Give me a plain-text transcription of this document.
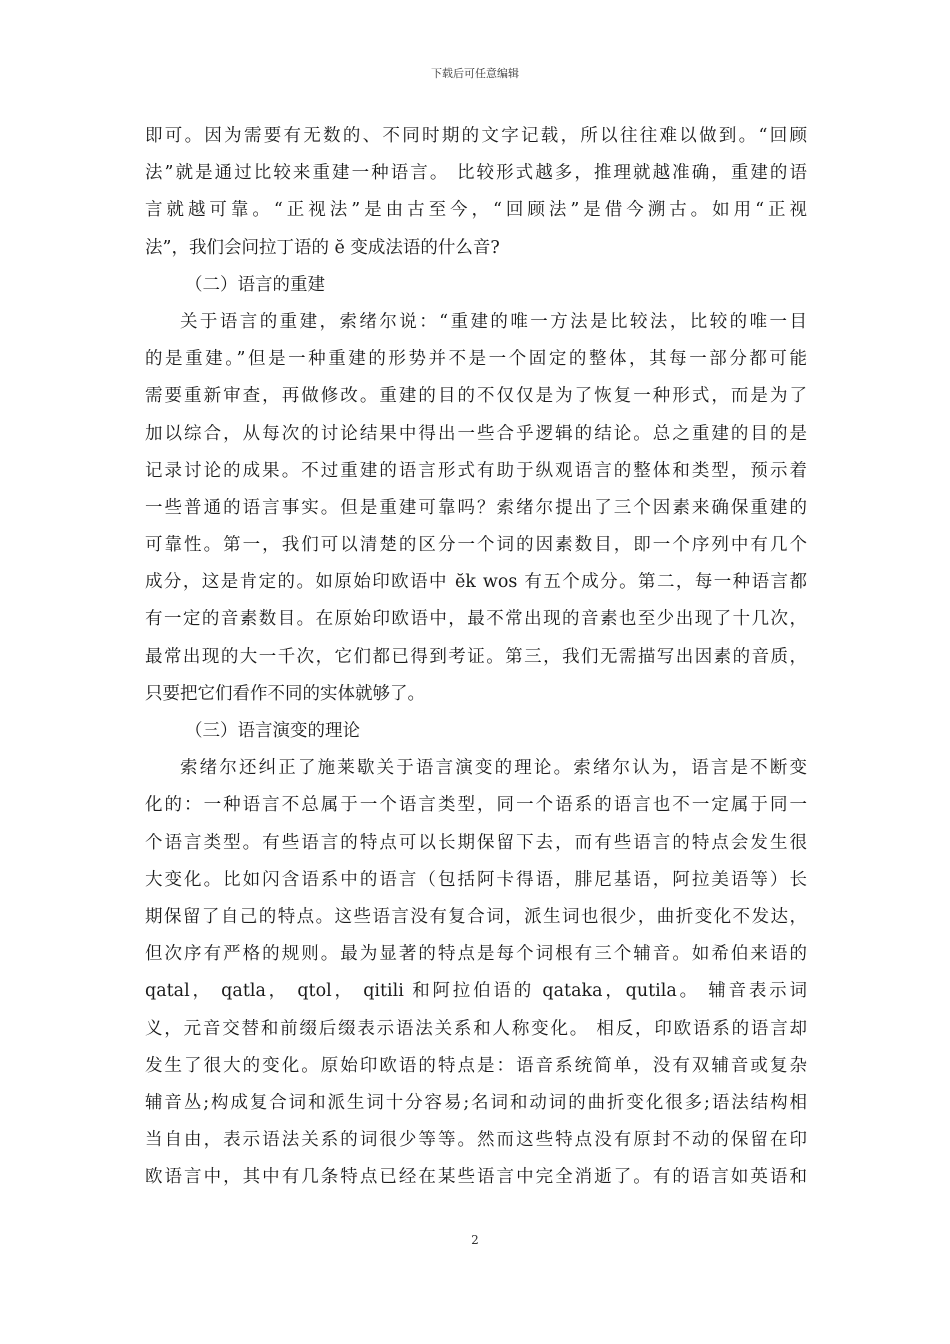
下载后可任意编辑
即可。因为需要有无数的、不同时期的文字记载，所以往往难以做到。“回顾
法”就是通过比较来重建一种语言。 比较形式越多，推理就越准确，重建的语
言就越可靠。“正视法”是由古至今，“回顾法”是借今溯古。如用“正视
法”，我们会问拉丁语的 ĕ 变成法语的什么音?
（二）语言的重建
关于语言的重建，索绪尔说：“重建的唯一方法是比较法，比较的唯一目
的是重建。”但是一种重建的形势并不是一个固定的整体，其每一部分都可能
需要重新审查，再做修改。重建的目的不仅仅是为了恢复一种形式，而是为了
加以综合，从每次的讨论结果中得出一些合乎逻辑的结论。总之重建的目的是
记录讨论的成果。不过重建的语言形式有助于纵观语言的整体和类型，预示着
一些普通的语言事实。但是重建可靠吗？索绪尔提出了三个因素来确保重建的
可靠性。第一，我们可以清楚的区分一个词的因素数目，即一个序列中有几个
成分，这是肯定的。如原始印欧语中 ĕk wos 有五个成分。第二，每一种语言都
有一定的音素数目。在原始印欧语中，最不常出现的音素也至少出现了十几次，
最常出现的大一千次，它们都已得到考证。第三，我们无需描写出因素的音质，
只要把它们看作不同的实体就够了。
（三）语言演变的理论
索绪尔还纠正了施莱歇关于语言演变的理论。索绪尔认为，语言是不断变
化的：一种语言不总属于一个语言类型，同一个语系的语言也不一定属于同一
个语言类型。有些语言的特点可以长期保留下去，而有些语言的特点会发生很
大变化。比如闪含语系中的语言（包括阿卡得语，腓尼基语，阿拉美语等）长
期保留了自己的特点。这些语言没有复合词，派生词也很少，曲折变化不发达，
但次序有严格的规则。最为显著的特点是每个词根有三个辅音。如希伯来语的
qatal， qatla， qtol， qitili 和阿拉伯语的 qataka，qutila。 辅音表示词
义，元音交替和前缀后缀表示语法关系和人称变化。 相反，印欧语系的语言却
发生了很大的变化。原始印欧语的特点是：语音系统简单，没有双辅音或复杂
辅音丛;构成复合词和派生词十分容易;名词和动词的曲折变化很多;语法结构相
当自由，表示语法关系的词很少等等。然而这些特点没有原封不动的保留在印
欧语言中，其中有几条特点已经在某些语言中完全消逝了。有的语言如英语和
2
